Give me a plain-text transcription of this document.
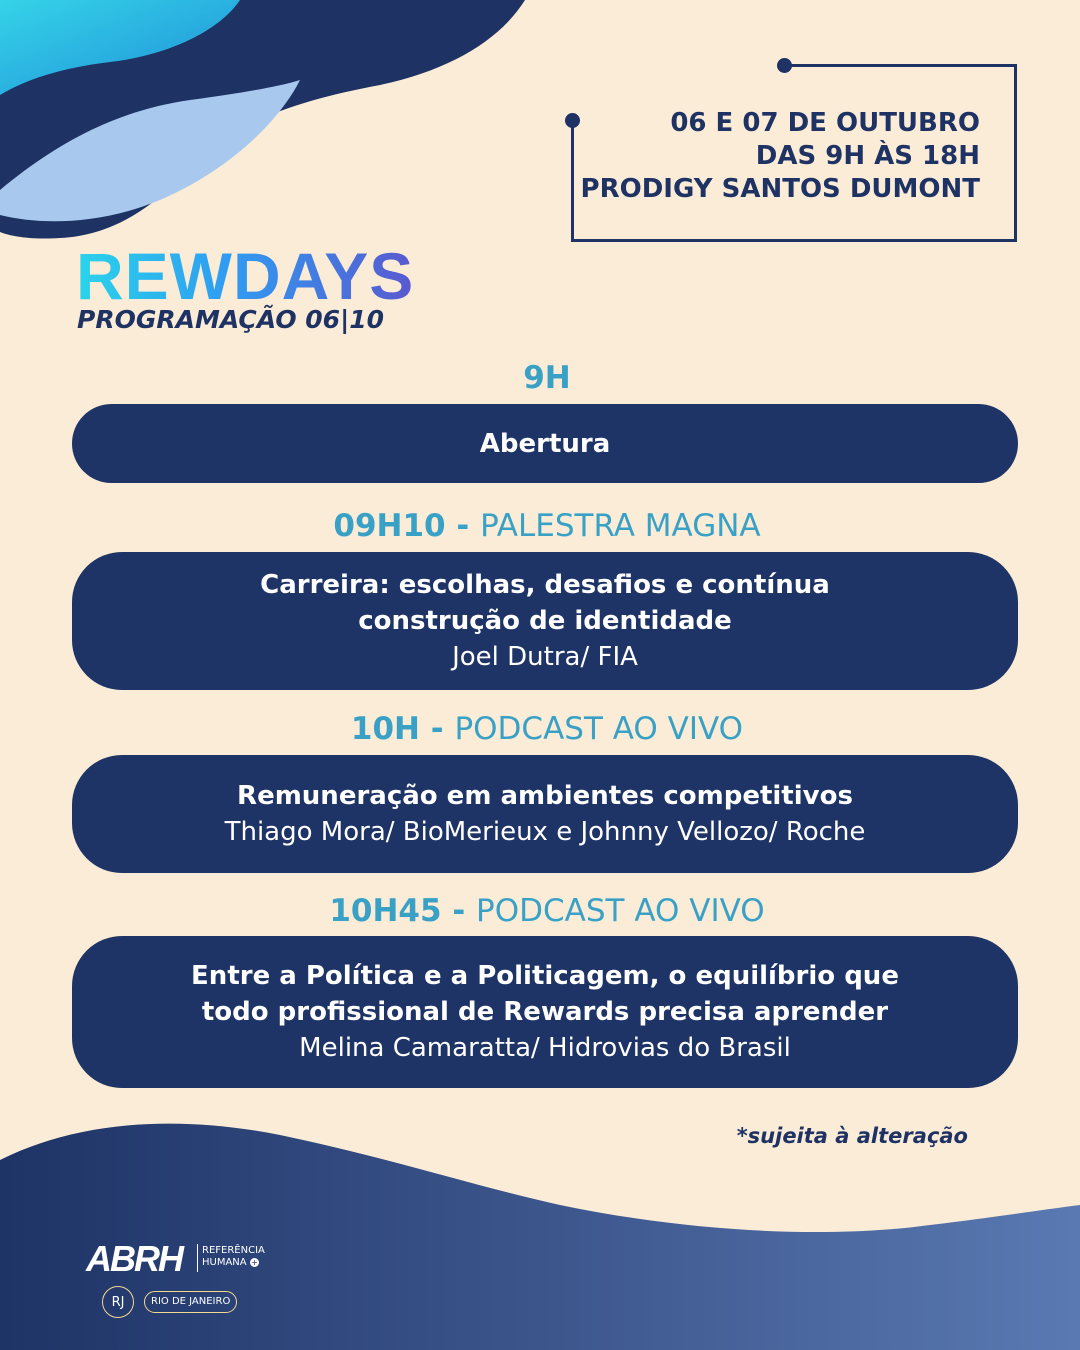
06 E 07 DE OUTUBRO
DAS 9H ÀS 18H
PRODIGY SANTOS DUMONT
REWDAYS
PROGRAMAÇÃO 06|10
9H
Abertura
09H10 - PALESTRA MAGNA
Carreira: escolhas, desafios e contínua
construção de identidade
Joel Dutra/ FIA
10H - PODCAST AO VIVO
Remuneração em ambientes competitivos
Thiago Mora/ BioMerieux e Johnny Vellozo/ Roche
10H45 - PODCAST AO VIVO
Entre a Política e a Politicagem, o equilíbrio que
todo profissional de Rewards precisa aprender
Melina Camaratta/ Hidrovias do Brasil
*sujeita à alteração
ABRH REFERÊNCIA
HUMANA +
RJ	RIO DE JANEIRO
